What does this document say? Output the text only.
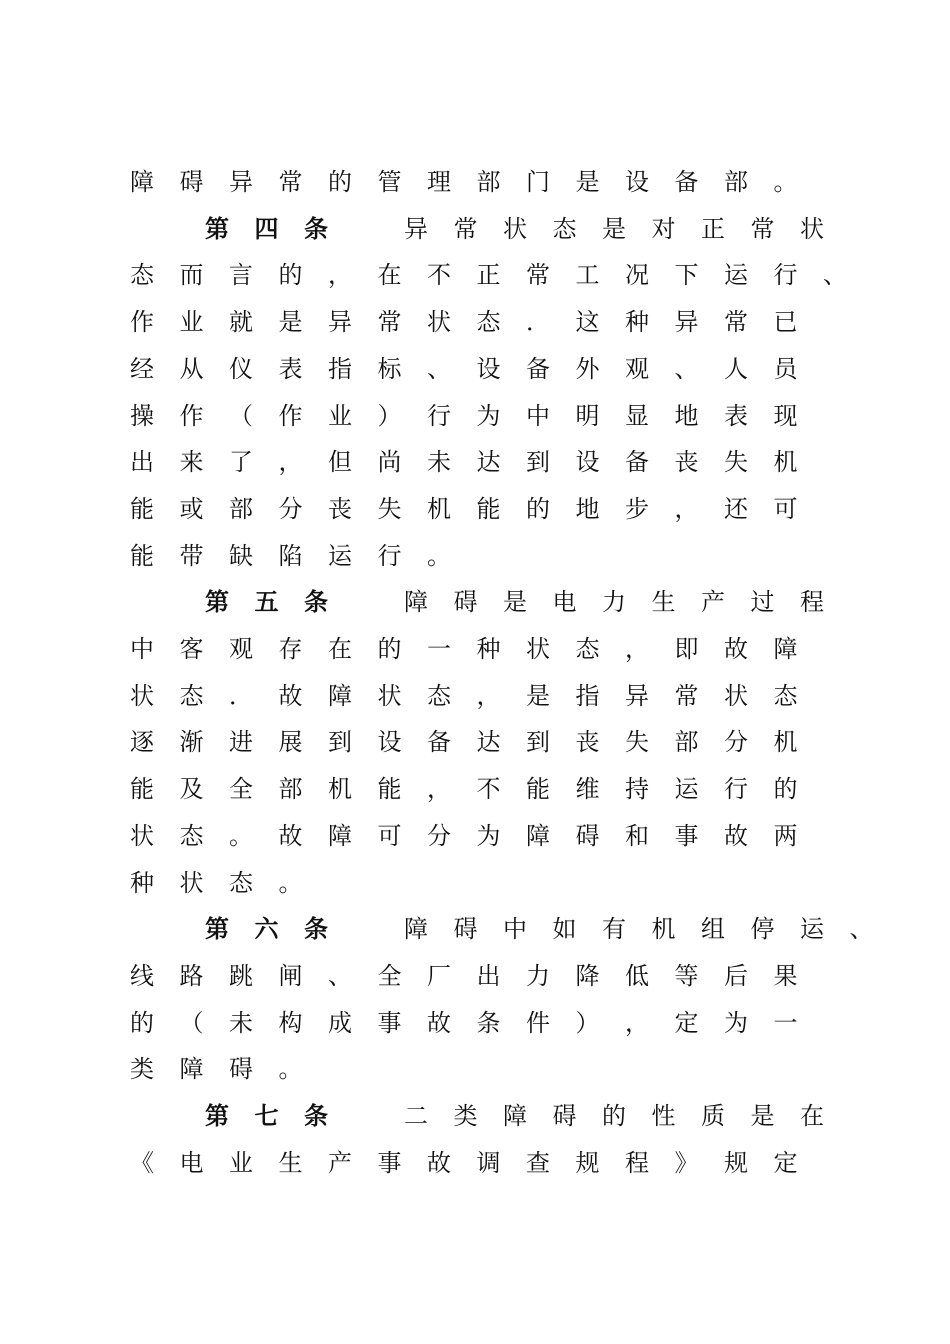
障 碍 异 常 的 管 理 部 门 是 设 备 部 。
第 四 条	异 常 状 态 是 对 正 常 状
态 而 言 的 ， 在 不 正 常 工 况 下 运 行 、
作 业 就 是 异 常 状 态 ． 这 种 异 常 已
经 从 仪 表 指 标 、 设 备 外 观 、 人 员
操 作 （ 作 业 ） 行 为 中 明 显 地 表 现
出 来 了 ， 但 尚 未 达 到 设 备 丧 失 机
能 或 部 分 丧 失 机 能 的 地 步 ， 还 可
能 带 缺 陷 运 行 。
第 五 条	障 碍 是 电 力 生 产 过 程
中 客 观 存 在 的 一 种 状 态 ， 即 故 障
状 态 ． 故 障 状 态 ， 是 指 异 常 状 态
逐 渐 进 展 到 设 备 达 到 丧 失 部 分 机
能 及 全 部 机 能 ， 不 能 维 持 运 行 的
状 态 。 故 障 可 分 为 障 碍 和 事 故 两
种 状 态 。
第 六 条	障 碍 中 如 有 机 组 停 运 、
线 路 跳 闸 、 全 厂 出 力 降 低 等 后 果
的 （ 未 构 成 事 故 条 件 ） ， 定 为 一
类 障 碍 。
第 七 条	二 类 障 碍 的 性 质 是 在
《 电 业 生 产 事 故 调 查 规 程 》 规 定
